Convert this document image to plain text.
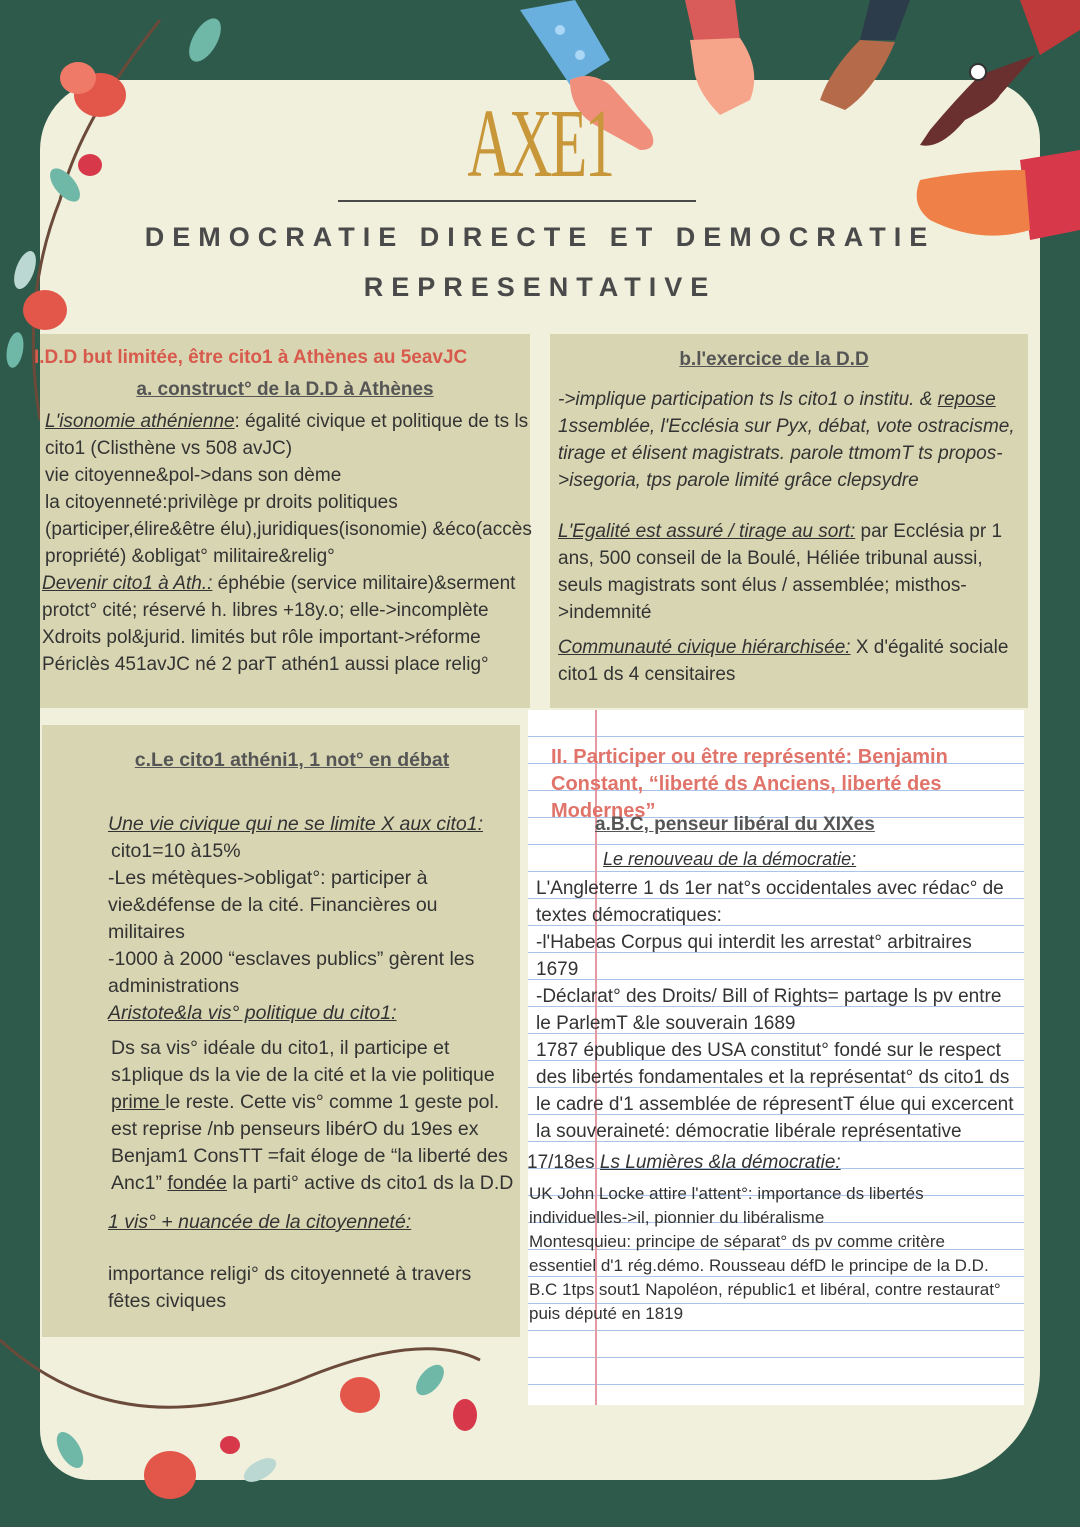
AXE1
DEMOCRATIE DIRECTE ET DEMOCRATIE
REPRESENTATIVE
I.D.D but limitée, être cito1 à Athènes au 5eavJC
a. construct° de la D.D à Athènes

L'isonomie athénienne: égalité civique et politique de ts ls cito1 (Clisthène vs 508 avJC)

vie citoyenne&pol->dans son dème

la citoyenneté:privilège pr droits politiques (participer,élire&être élu),juridiques(isonomie) &éco(accès propriété) &obligat° militaire&relig°

Devenir cito1 à Ath.: éphébie (service militaire)&serment protct° cité; réservé h. libres +18y.o; elle->incomplète Xdroits pol&jurid. limités but rôle important->réforme Périclès 451avJC né 2 parT athén1 aussi place relig°

b.l'exercice de la D.D

->implique participation ts ls cito1 o institu. & repose 1ssemblée, l'Ecclésia sur Pyx, débat, vote ostracisme, tirage et élisent magistrats. parole ttmomT ts propos->isegoria, tps parole limité grâce clepsydre

L'Egalité est assuré / tirage au sort: par Ecclésia pr 1 ans, 500 conseil de la Boulé, Héliée tribunal aussi, seuls magistrats sont élus / assemblée; misthos->indemnité

Communauté civique hiérarchisée: X d'égalité sociale cito1 ds 4 censitaires

c.Le cito1 athéni1, 1 not° en débat

Une vie civique qui ne se limite X aux cito1:

cito1=10 à15%

-Les métèques->obligat°: participer à vie&défense de la cité. Financières ou militaires

-1000 à 2000 “esclaves publics” gèrent les administrations

Aristote&la vis° politique du cito1:

Ds sa vis° idéale du cito1, il participe et s1plique ds la vie de la cité et la vie politique prime le reste. Cette vis° comme 1 geste pol. est reprise /nb penseurs libérO du 19es ex Benjam1 ConsTT =fait éloge de “la liberté des Anc1” fondée la parti° active ds cito1 ds la D.D

1 vis° + nuancée de la citoyenneté:

importance religi° ds citoyenneté à travers fêtes civiques

II. Participer ou être représenté: Benjamin Constant, “liberté ds Anciens, liberté des Modernes”
a.B.C, penseur libéral du XIXes
Le renouveau de la démocratie:

L'Angleterre 1 ds 1er nat°s occidentales avec rédac° de textes démocratiques:

-l'Habeas Corpus qui interdit les arrestat° arbitraires 1679

-Déclarat° des Droits/ Bill of Rights= partage ls pv entre le ParlemT &le souverain 1689

1787 épublique des USA constitut° fondé sur le respect des libertés fondamentales et la représentat° ds cito1 ds le cadre d'1 assemblée de répresentT élue qui excercent la souveraineté: démocratie libérale représentative

17/18es Ls Lumières &la démocratie:

UK John Locke attire l'attent°: importance ds libertés individuelles->il, pionnier du libéralisme

Montesquieu: principe de séparat° ds pv comme critère essentiel d'1 rég.démo. Rousseau défD le principe de la D.D.

B.C 1tps sout1 Napoléon, républic1 et libéral, contre restaurat° puis député en 1819
